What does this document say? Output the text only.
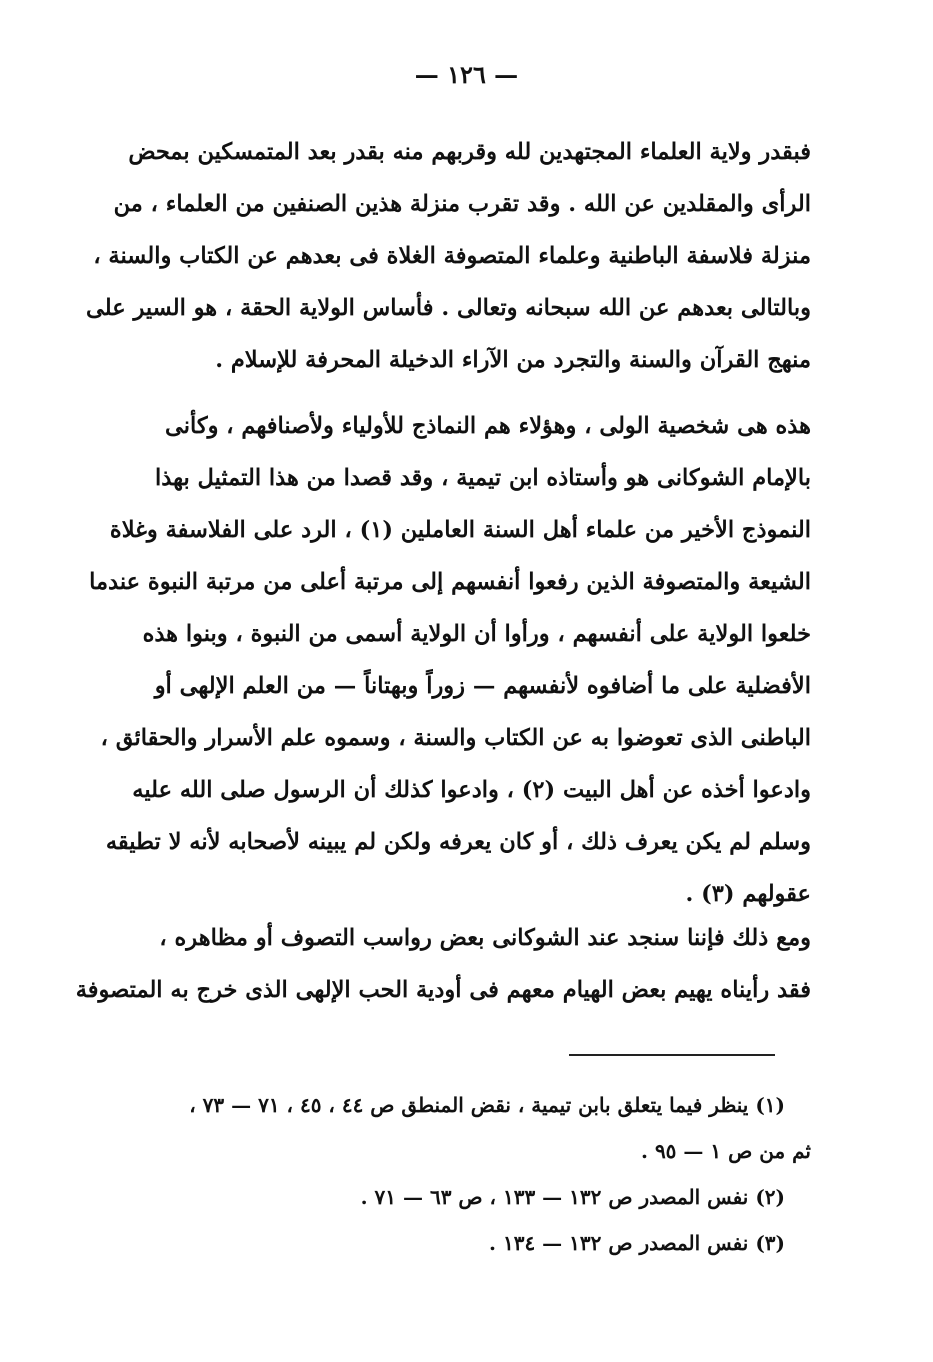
— ١٢٦ —
فبقدر ولاية العلماء المجتهدين لله وقربهم منه بقدر بعد المتمسكين بمحض
الرأى والمقلدين عن الله . وقد تقرب منزلة هذين الصنفين من العلماء ، من
منزلة فلاسفة الباطنية وعلماء المتصوفة الغلاة فى بعدهم عن الكتاب والسنة ،
وبالتالى بعدهم عن الله سبحانه وتعالى . فأساس الولاية الحقة ، هو السير على
منهج القرآن والسنة والتجرد من الآراء الدخيلة المحرفة للإسلام .
هذه هى شخصية الولى ، وهؤلاء هم النماذج للأولياء ولأصنافهم ، وكأنى
بالإمام الشوكانى هو وأستاذه ابن تيمية ، وقد قصدا من هذا التمثيل بهذا
النموذج الأخير من علماء أهل السنة العاملين (١) ، الرد على الفلاسفة وغلاة
الشيعة والمتصوفة الذين رفعوا أنفسهم إلى مرتبة أعلى من مرتبة النبوة عندما
خلعوا الولاية على أنفسهم ، ورأوا أن الولاية أسمى من النبوة ، وبنوا هذه
الأفضلية على ما أضافوه لأنفسهم — زوراً وبهتاناً — من العلم الإلهى أو
الباطنى الذى تعوضوا به عن الكتاب والسنة ، وسموه علم الأسرار والحقائق ،
وادعوا أخذه عن أهل البيت (٢) ، وادعوا كذلك أن الرسول صلى الله عليه
وسلم لم يكن يعرف ذلك ، أو كان يعرفه ولكن لم يبينه لأصحابه لأنه لا تطيقه
عقولهم (٣) .
ومع ذلك فإننا سنجد عند الشوكانى بعض رواسب التصوف أو مظاهره ،
فقد رأيناه يهيم بعض الهيام معهم فى أودية الحب الإلهى الذى خرج به المتصوفة
(١) ينظر فيما يتعلق بابن تيمية ، نقض المنطق ص ٤٤ ، ٤٥ ، ٧١ — ٧٣ ،
ثم من ص ١ — ٩٥ .
(٢) نفس المصدر ص ١٣٢ — ١٣٣ ، ص ٦٣ — ٧١ .
(٣) نفس المصدر ص ١٣٢ — ١٣٤ .
